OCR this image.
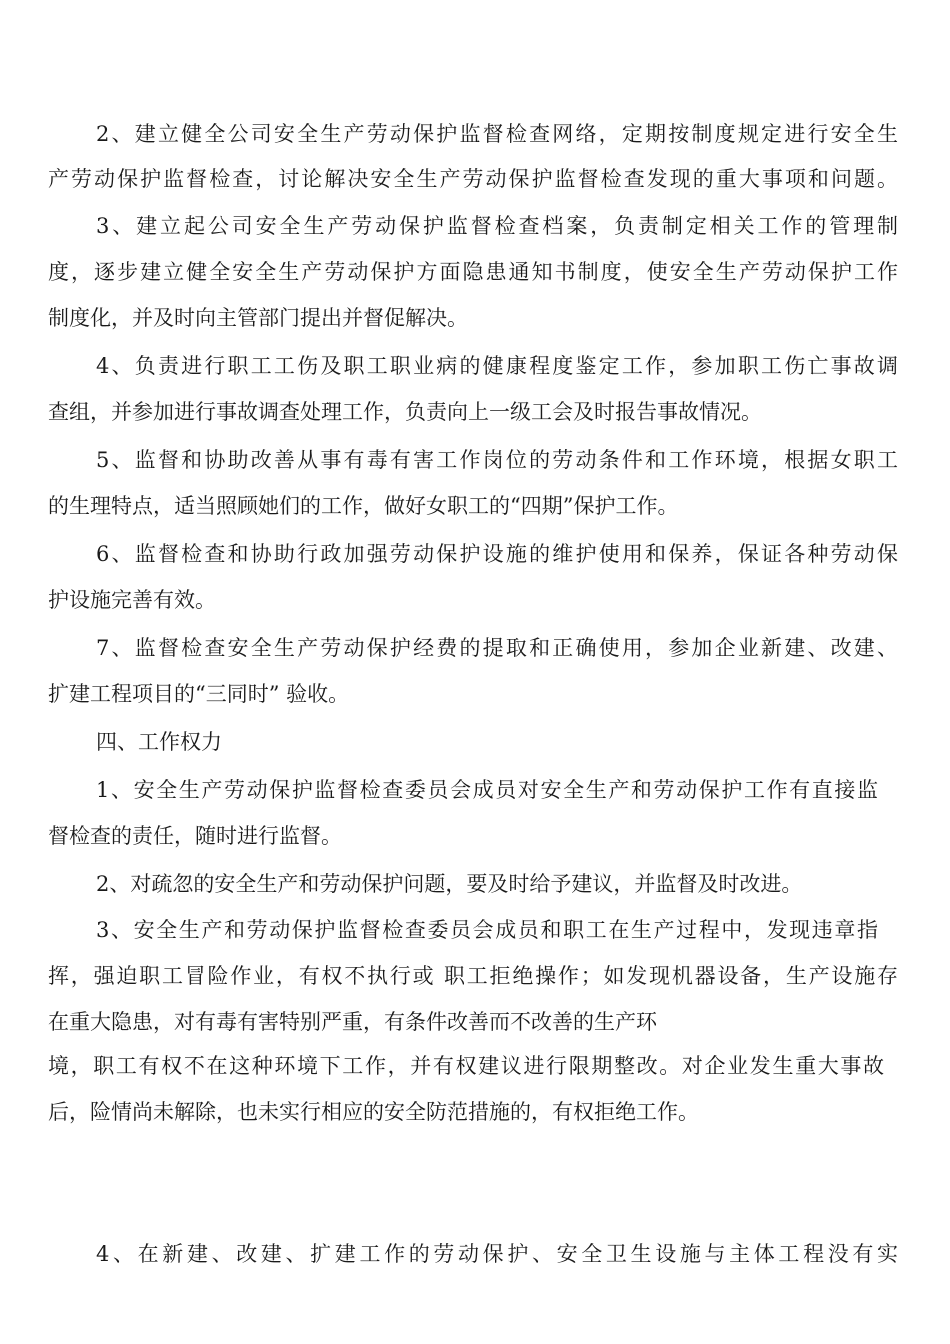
2、建立健全公司安全生产劳动保护监督检查网络，定期按制度规定进行安全生

产劳动保护监督检查，讨论解决安全生产劳动保护监督检查发现的重大事项和问题。

3、建立起公司安全生产劳动保护监督检查档案，负责制定相关工作的管理制

度，逐步建立健全安全生产劳动保护方面隐患通知书制度，使安全生产劳动保护工作

制度化，并及时向主管部门提出并督促解决。

4、负责进行职工工伤及职工职业病的健康程度鉴定工作，参加职工伤亡事故调

查组，并参加进行事故调查处理工作，负责向上一级工会及时报告事故情况。

5、监督和协助改善从事有毒有害工作岗位的劳动条件和工作环境，根据女职工

的生理特点，适当照顾她们的工作，做好女职工的“四期”保护工作。

6、监督检查和协助行政加强劳动保护设施的维护使用和保养，保证各种劳动保

护设施完善有效。

7、监督检查安全生产劳动保护经费的提取和正确使用，参加企业新建、改建、

扩建工程项目的“三同时” 验收。

四、工作权力

1、安全生产劳动保护监督检查委员会成员对安全生产和劳动保护工作有直接监

督检查的责任，随时进行监督。

2、对疏忽的安全生产和劳动保护问题，要及时给予建议，并监督及时改进。

3、安全生产和劳动保护监督检查委员会成员和职工在生产过程中，发现违章指

挥，强迫职工冒险作业，有权不执行或 职工拒绝操作；如发现机器设备，生产设施存

在重大隐患，对有毒有害特别严重，有条件改善而不改善的生产环

境，职工有权不在这种环境下工作，并有权建议进行限期整改。对企业发生重大事故

后，险情尚未解除，也未实行相应的安全防范措施的，有权拒绝工作。

4、在新建、改建、扩建工作的劳动保护、安全卫生设施与主体工程没有实
